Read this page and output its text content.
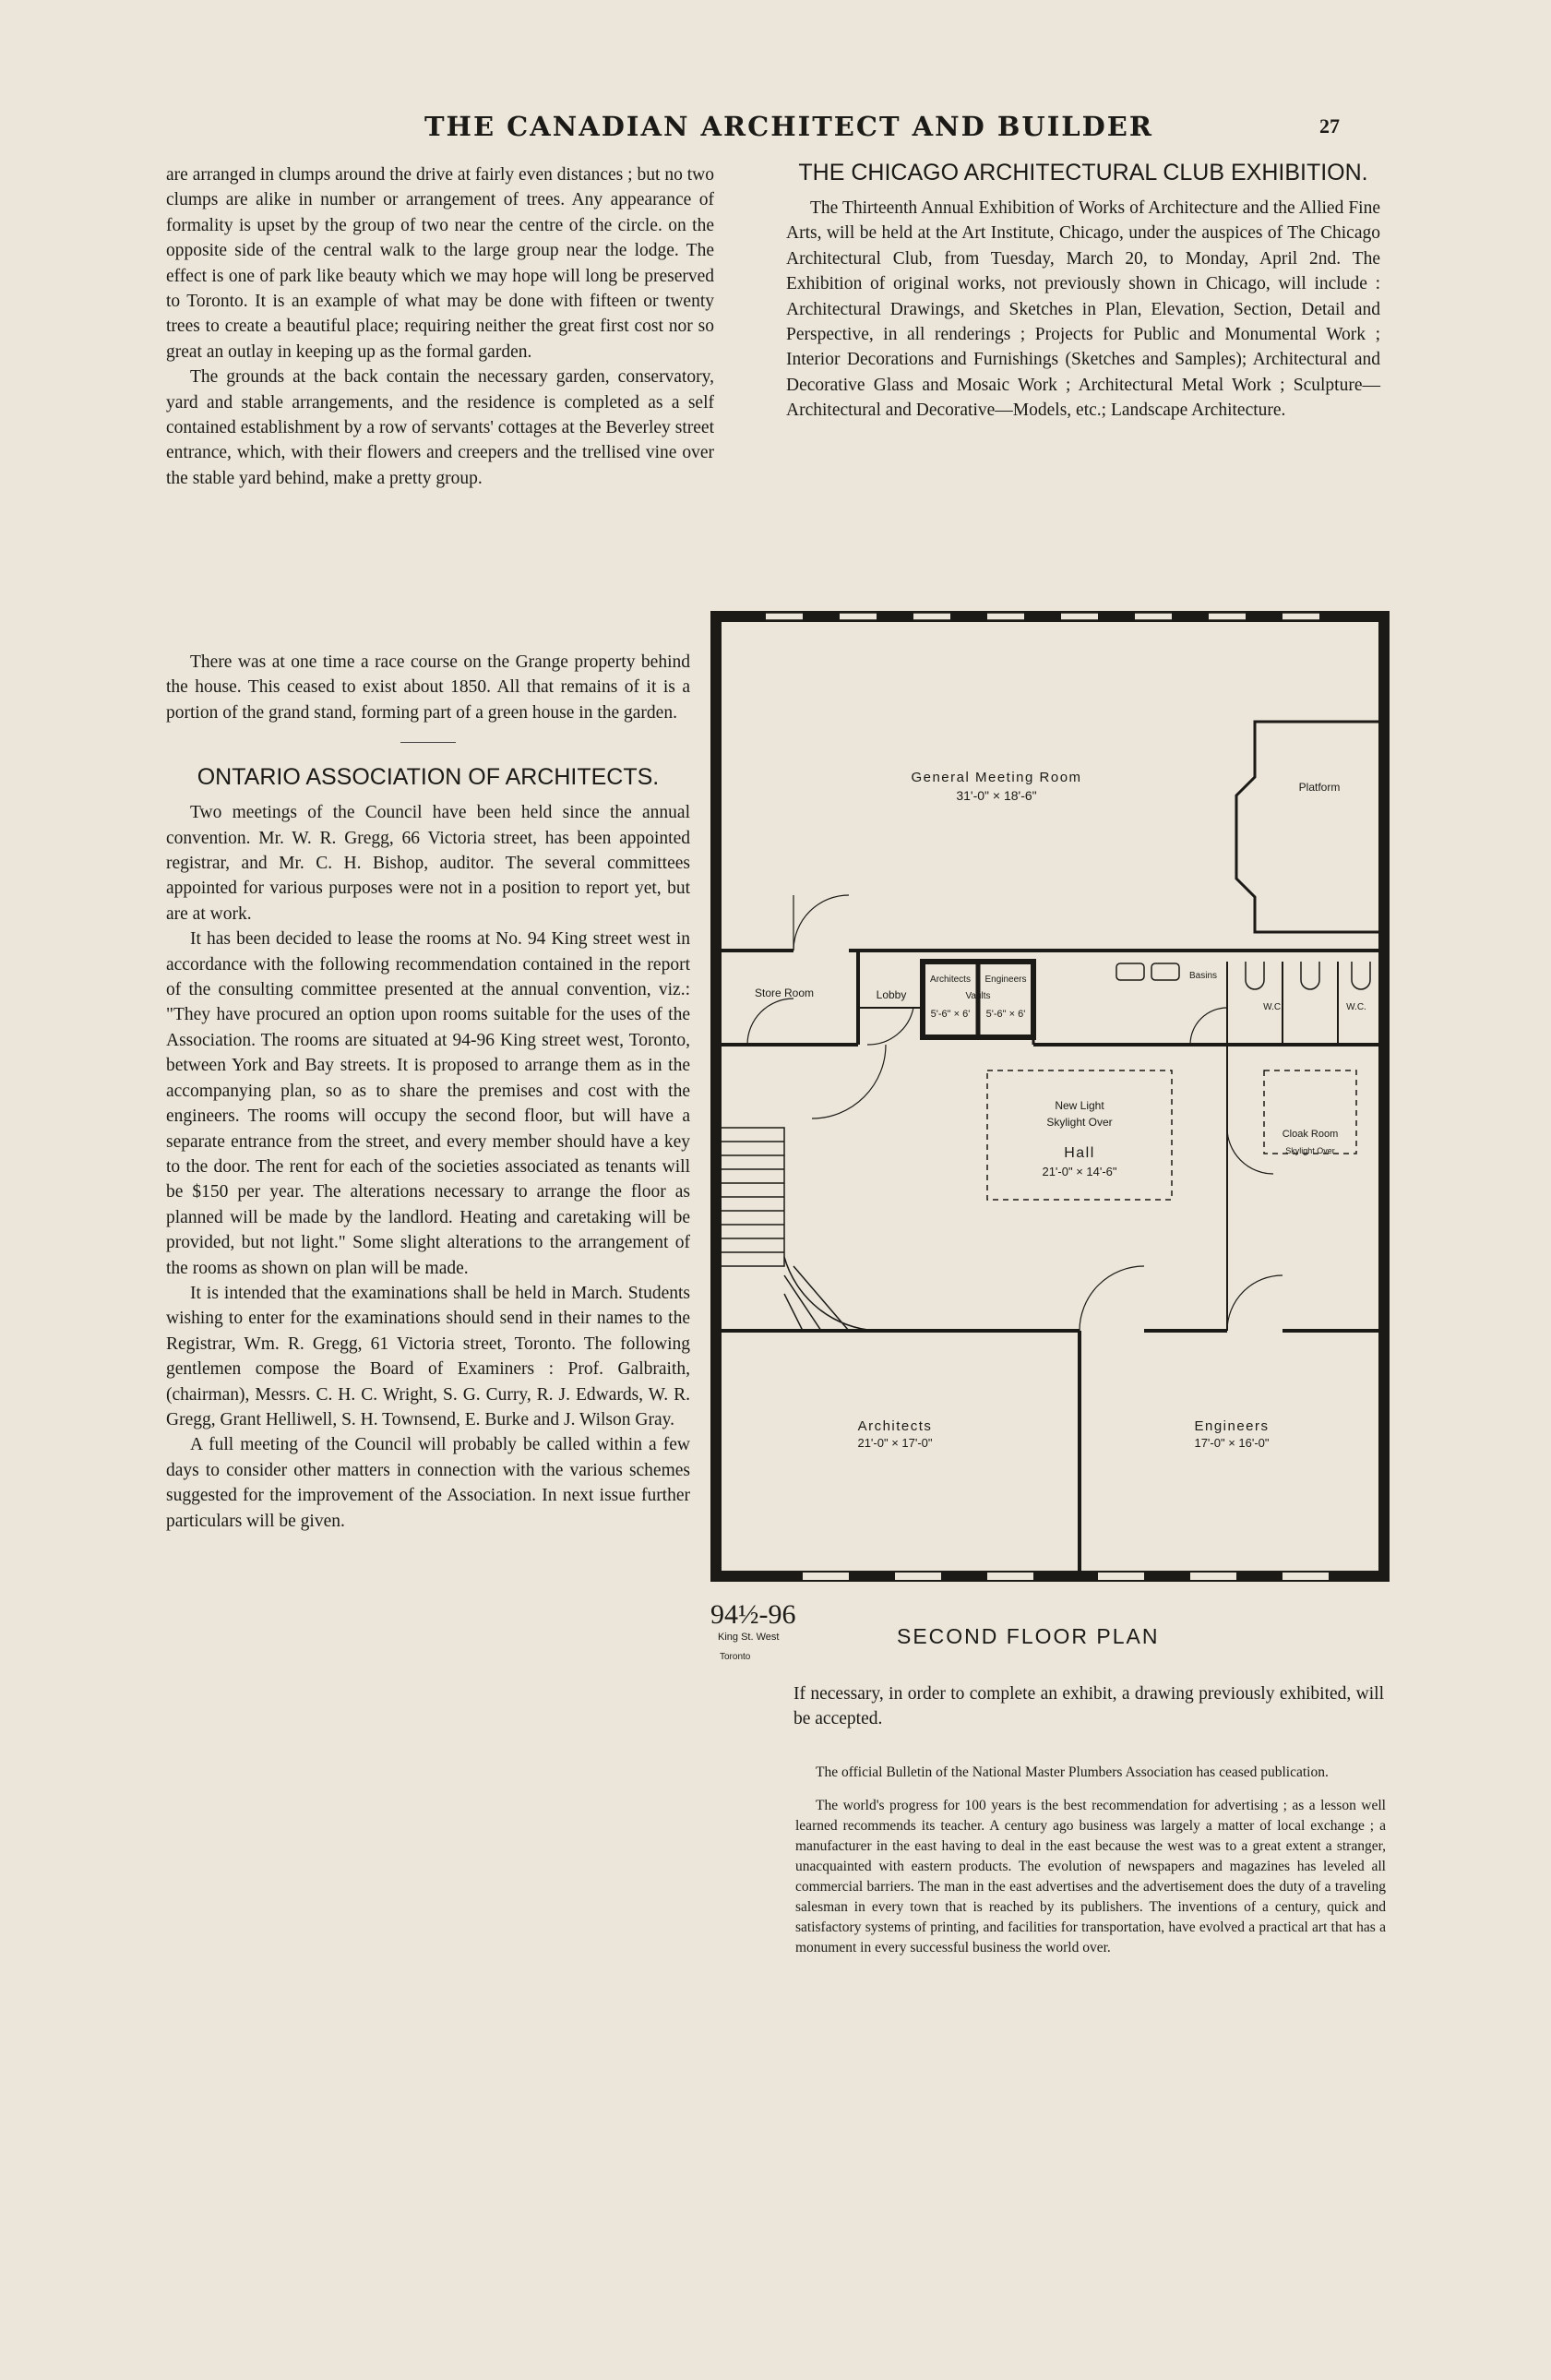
THE CANADIAN ARCHITECT AND BUILDER	27

are arranged in clumps around the drive at fairly even distances ; but no two clumps are alike in number or arrangement of trees. Any appearance of formality is upset by the group of two near the centre of the circle. on the opposite side of the central walk to the large group near the lodge. The effect is one of park like beauty which we may hope will long be preserved to Toronto. It is an example of what may be done with fifteen or twenty trees to create a beautiful place; requiring neither the great first cost nor so great an outlay in keeping up as the formal garden.

The grounds at the back contain the necessary garden, conservatory, yard and stable arrangements, and the residence is completed as a self contained establishment by a row of servants' cottages at the Beverley street entrance, which, with their flowers and creepers and the trellised vine over the stable yard behind, make a pretty group.

There was at one time a race course on the Grange property behind the house. This ceased to exist about 1850. All that remains of it is a portion of the grand stand, forming part of a green house in the garden.

ONTARIO ASSOCIATION OF ARCHITECTS.

Two meetings of the Council have been held since the annual convention. Mr. W. R. Gregg, 66 Victoria street, has been appointed registrar, and Mr. C. H. Bishop, auditor. The several committees appointed for various purposes were not in a position to report yet, but are at work.

It has been decided to lease the rooms at No. 94 King street west in accordance with the following recommendation contained in the report of the consulting committee presented at the annual convention, viz.: "They have procured an option upon rooms suitable for the uses of the Association. The rooms are situated at 94-96 King street west, Toronto, between York and Bay streets. It is proposed to arrange them as in the accompanying plan, so as to share the premises and cost with the engineers. The rooms will occupy the second floor, but will have a separate entrance from the street, and every member should have a key to the door. The rent for each of the societies associated as tenants will be $150 per year. The alterations necessary to arrange the floor as planned will be made by the landlord. Heating and caretaking will be provided, but not light." Some slight alterations to the arrangement of the rooms as shown on plan will be made.

It is intended that the examinations shall be held in March. Students wishing to enter for the examinations should send in their names to the Registrar, Wm. R. Gregg, 61 Victoria street, Toronto. The following gentlemen compose the Board of Examiners : Prof. Galbraith, (chairman), Messrs. C. H. C. Wright, S. G. Curry, R. J. Edwards, W. R. Gregg, Grant Helliwell, S. H. Townsend, E. Burke and J. Wilson Gray.

A full meeting of the Council will probably be called within a few days to consider other matters in connection with the various schemes suggested for the improvement of the Association. In next issue further particulars will be given.

THE CHICAGO ARCHITECTURAL CLUB EXHIBITION.

The Thirteenth Annual Exhibition of Works of Architecture and the Allied Fine Arts, will be held at the Art Institute, Chicago, under the auspices of The Chicago Architectural Club, from Tuesday, March 20, to Monday, April 2nd. The Exhibition of original works, not previously shown in Chicago, will include : Architectural Drawings, and Sketches in Plan, Elevation, Section, Detail and Perspective, in all renderings ; Projects for Public and Monumental Work ; Interior Decorations and Furnishings (Sketches and Samples); Architectural and Decorative Glass and Mosaic Work ; Architectural Metal Work ; Sculpture—Architectural and Decorative—Models, etc.; Landscape Architecture.

General Meeting Room
31'-0" × 18'-6"
Platform
Store Room	Lobby
Architects Engineers
Vaults
5'-6" × 6' 5'-6" × 6'
Basins
W.C.	W.C.
New Light
Skylight Over
Hall
21'-0" × 14'-6"
Cloak Room
Skylight Over
Architects
21'-0" × 17'-0"
Engineers
17'-0" × 16'-0"
94½-96
King St. West
Toronto
SECOND FLOOR PLAN

If necessary, in order to complete an exhibit, a drawing previously exhibited, will be accepted.

The official Bulletin of the National Master Plumbers Association has ceased publication.

The world's progress for 100 years is the best recommendation for advertising ; as a lesson well learned recommends its teacher. A century ago business was largely a matter of local exchange ; a manufacturer in the east having to deal in the east because the west was to a great extent a stranger, unacquainted with eastern products. The evolution of newspapers and magazines has leveled all commercial barriers. The man in the east advertises and the advertisement does the duty of a traveling salesman in every town that is reached by its publishers. The inventions of a century, quick and satisfactory systems of printing, and facilities for transportation, have evolved a practical art that has a monument in every successful business the world over.
